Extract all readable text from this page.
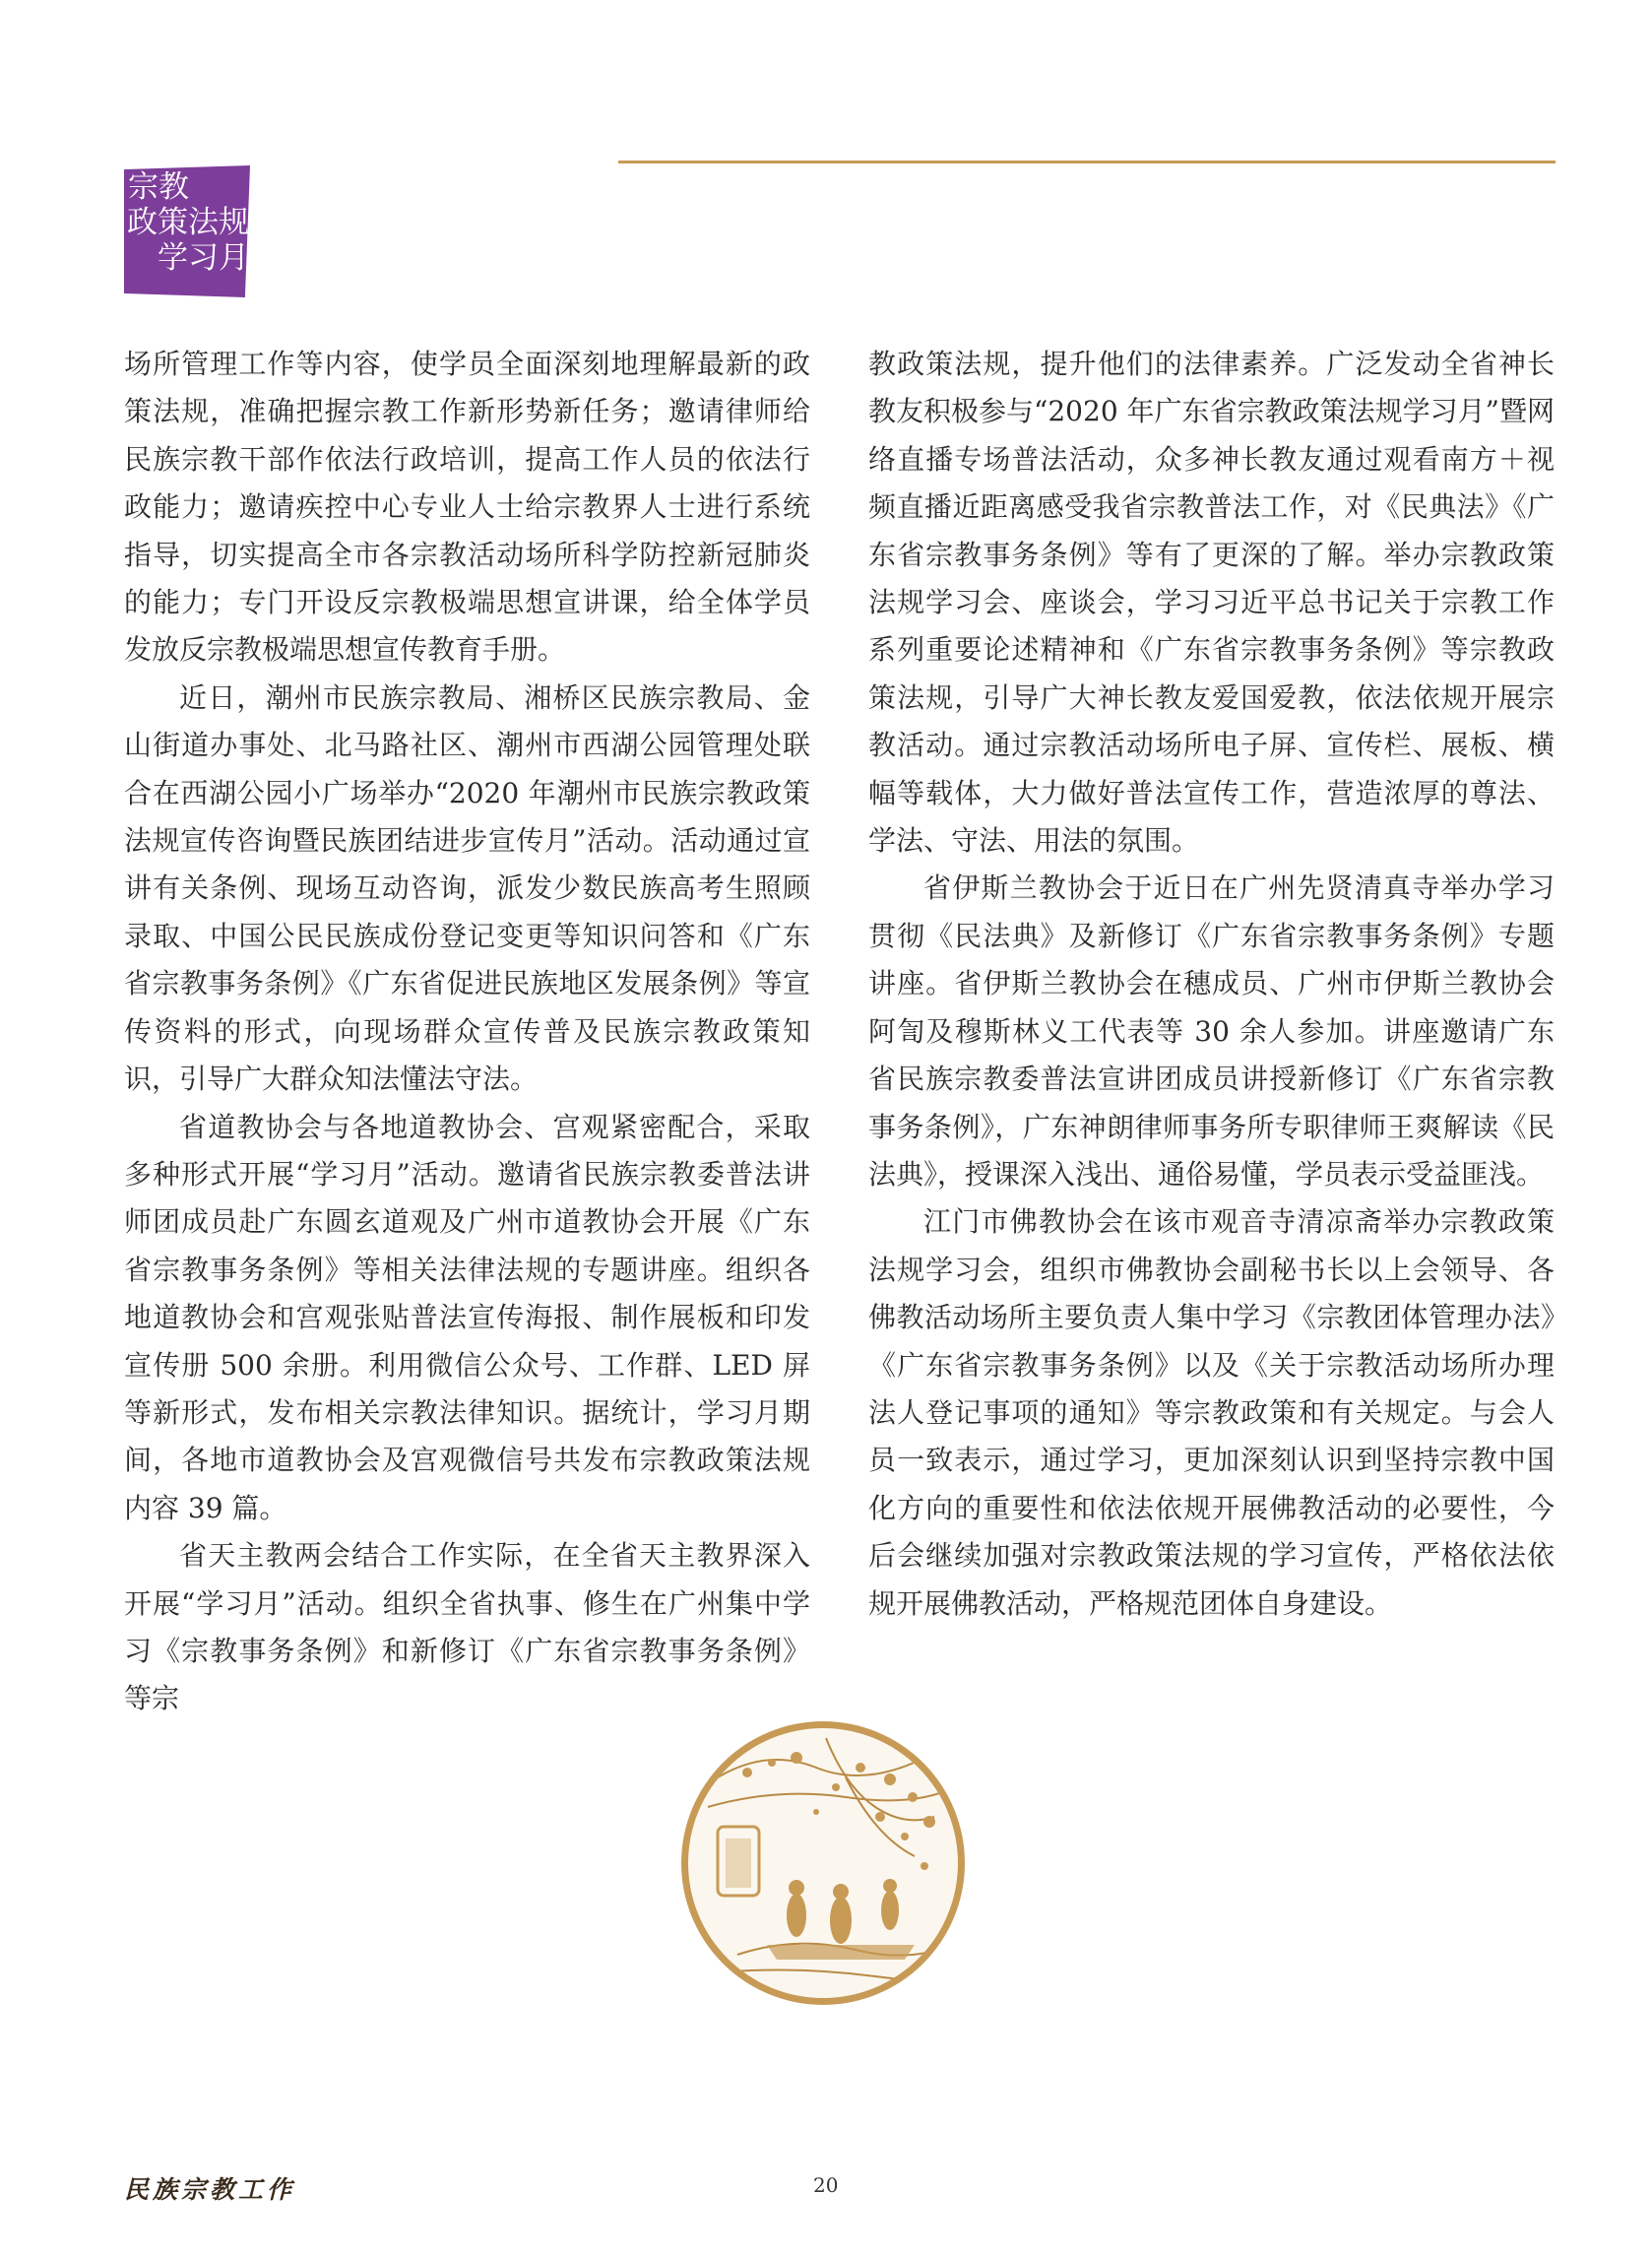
宗教
政策法规
学习月

场所管理工作等内容，使学员全面深刻地理解最新的政策法规，准确把握宗教工作新形势新任务；邀请律师给民族宗教干部作依法行政培训，提高工作人员的依法行政能力；邀请疾控中心专业人士给宗教界人士进行系统指导，切实提高全市各宗教活动场所科学防控新冠肺炎的能力；专门开设反宗教极端思想宣讲课，给全体学员发放反宗教极端思想宣传教育手册。

近日，潮州市民族宗教局、湘桥区民族宗教局、金山街道办事处、北马路社区、潮州市西湖公园管理处联合在西湖公园小广场举办“2020 年潮州市民族宗教政策法规宣传咨询暨民族团结进步宣传月”活动。活动通过宣讲有关条例、现场互动咨询，派发少数民族高考生照顾录取、中国公民民族成份登记变更等知识问答和《广东省宗教事务条例》《广东省促进民族地区发展条例》等宣传资料的形式，向现场群众宣传普及民族宗教政策知识，引导广大群众知法懂法守法。

省道教协会与各地道教协会、宫观紧密配合，采取多种形式开展“学习月”活动。邀请省民族宗教委普法讲师团成员赴广东圆玄道观及广州市道教协会开展《广东省宗教事务条例》等相关法律法规的专题讲座。组织各地道教协会和宫观张贴普法宣传海报、制作展板和印发宣传册 500 余册。利用微信公众号、工作群、LED 屏等新形式，发布相关宗教法律知识。据统计，学习月期间，各地市道教协会及宫观微信号共发布宗教政策法规内容 39 篇。

省天主教两会结合工作实际，在全省天主教界深入开展“学习月”活动。组织全省执事、修生在广州集中学习《宗教事务条例》和新修订《广东省宗教事务条例》等宗

教政策法规，提升他们的法律素养。广泛发动全省神长教友积极参与“2020 年广东省宗教政策法规学习月”暨网络直播专场普法活动，众多神长教友通过观看南方＋视频直播近距离感受我省宗教普法工作，对《民典法》《广东省宗教事务条例》等有了更深的了解。举办宗教政策法规学习会、座谈会，学习习近平总书记关于宗教工作系列重要论述精神和《广东省宗教事务条例》等宗教政策法规，引导广大神长教友爱国爱教，依法依规开展宗教活动。通过宗教活动场所电子屏、宣传栏、展板、横幅等载体，大力做好普法宣传工作，营造浓厚的尊法、学法、守法、用法的氛围。

省伊斯兰教协会于近日在广州先贤清真寺举办学习贯彻《民法典》及新修订《广东省宗教事务条例》专题讲座。省伊斯兰教协会在穗成员、广州市伊斯兰教协会阿訇及穆斯林义工代表等 30 余人参加。讲座邀请广东省民族宗教委普法宣讲团成员讲授新修订《广东省宗教事务条例》，广东神朗律师事务所专职律师王爽解读《民法典》，授课深入浅出、通俗易懂，学员表示受益匪浅。

江门市佛教协会在该市观音寺清凉斋举办宗教政策法规学习会，组织市佛教协会副秘书长以上会领导、各佛教活动场所主要负责人集中学习《宗教团体管理办法》《广东省宗教事务条例》以及《关于宗教活动场所办理法人登记事项的通知》等宗教政策和有关规定。与会人员一致表示，通过学习，更加深刻认识到坚持宗教中国化方向的重要性和依法依规开展佛教活动的必要性，今后会继续加强对宗教政策法规的学习宣传，严格依法依规开展佛教活动，严格规范团体自身建设。

民族宗教工作	20
